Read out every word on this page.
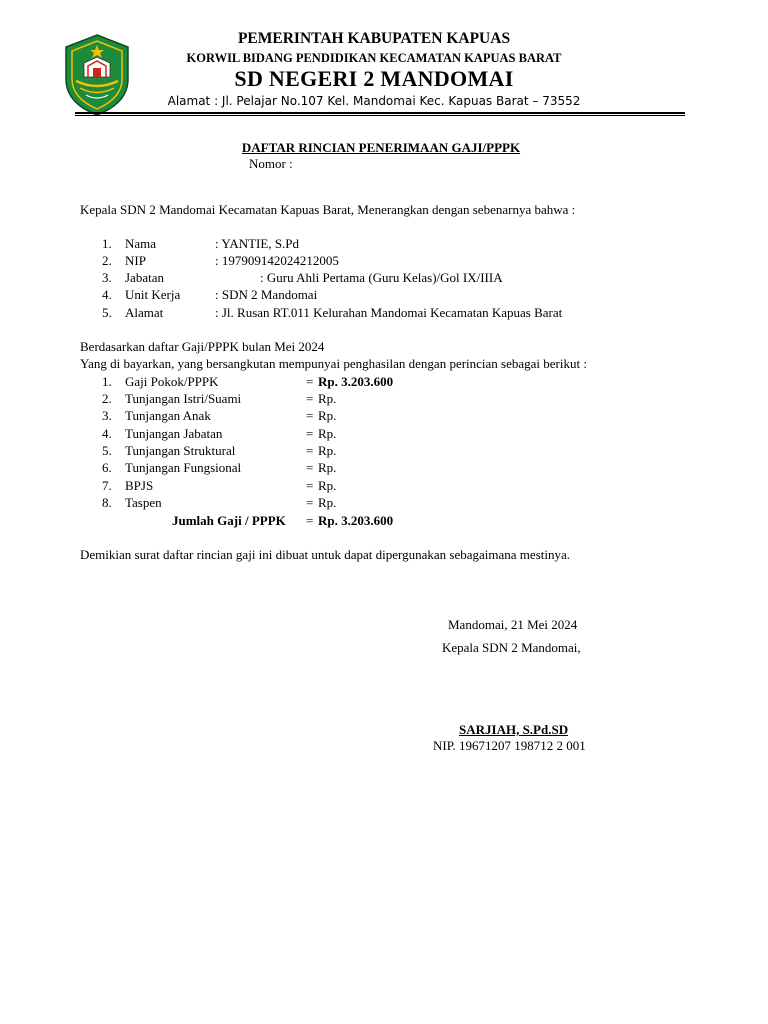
PEMERINTAH KABUPATEN KAPUAS
KORWIL BIDANG PENDIDIKAN KECAMATAN KAPUAS BARAT
SD NEGERI 2 MANDOMAI
Alamat : Jl. Pelajar No.107 Kel. Mandomai Kec. Kapuas Barat – 73552
DAFTAR RINCIAN PENERIMAAN GAJI/PPPK
Nomor :
Kepala SDN 2 Mandomai Kecamatan Kapuas Barat, Menerangkan dengan sebenarnya bahwa :
1. Nama	: YANTIE, S.Pd
2. NIP	: 197909142024212005
3. Jabatan	: Guru Ahli Pertama (Guru Kelas)/Gol IX/IIIA
4. Unit Kerja	: SDN 2 Mandomai
5. Alamat	: Jl. Rusan RT.011 Kelurahan Mandomai Kecamatan Kapuas Barat
Berdasarkan daftar Gaji/PPPK bulan Mei 2024
Yang di bayarkan, yang bersangkutan mempunyai penghasilan dengan perincian sebagai berikut :
1. Gaji Pokok/PPPK	= Rp. 3.203.600
2. Tunjangan Istri/Suami	= Rp.
3. Tunjangan Anak	= Rp.
4. Tunjangan Jabatan	= Rp.
5. Tunjangan Struktural	= Rp.
6. Tunjangan Fungsional	= Rp.
7. BPJS	= Rp.
8. Taspen	= Rp.
Jumlah Gaji / PPPK = Rp. 3.203.600
Demikian surat daftar rincian gaji ini dibuat untuk dapat dipergunakan sebagaimana mestinya.
Mandomai, 21 Mei 2024
Kepala SDN 2 Mandomai,
SARJIAH, S.Pd.SD
NIP. 19671207 198712 2 001
